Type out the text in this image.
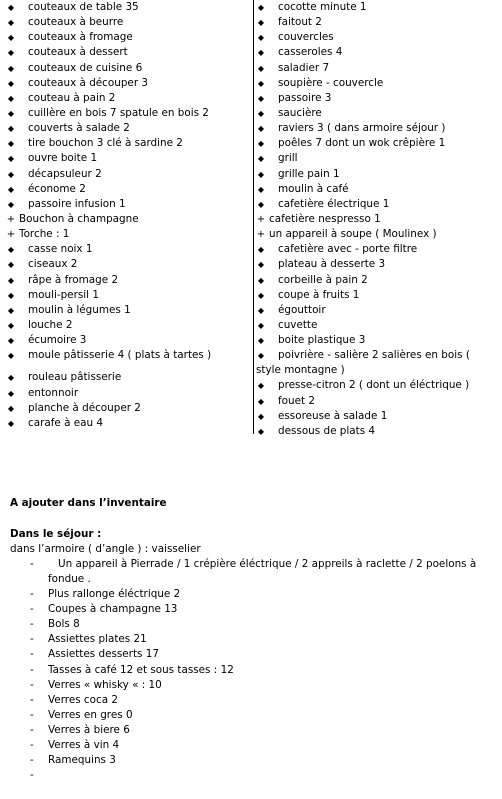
◆ couteaux de table 35
◆ couteaux à beurre
◆ couteaux à fromage
◆ couteaux à dessert
◆ couteaux de cuisine 6
◆ couteaux à découper 3
◆ couteau à pain 2
◆ cuillère en bois 7 spatule en bois 2
◆ couverts à salade 2
◆ tire bouchon 3 clé à sardine 2
◆ ouvre boite 1
◆ décapsuleur 2
◆ économe 2
◆ passoire infusion 1
+ Bouchon à champagne
+ Torche : 1
◆ casse noix 1
◆ ciseaux 2
◆ râpe à fromage 2
◆ mouli-persil 1
◆ moulin à légumes 1
◆ louche 2
◆ écumoire 3
◆ moule pâtisserie 4 ( plats à tartes )
◆ rouleau pâtisserie
◆ entonnoir
◆ planche à découper 2
◆ carafe à eau 4
◆ cocotte minute 1
◆ faitout 2
◆ couvercles
◆ casseroles 4
◆ saladier 7
◆ soupière - couvercle
◆ passoire 3
◆ saucière
◆ raviers 3 ( dans armoire séjour )
◆ poêles 7 dont un wok crêpière 1
◆ grill
◆ grille pain 1
◆ moulin à café
◆ cafetière électrique 1
+ cafetière nespresso 1
+ un appareil à soupe ( Moulinex )
◆ cafetière avec - porte filtre
◆ plateau à desserte 3
◆ corbeille à pain 2
◆ coupe à fruits 1
◆ égouttoir
◆ cuvette
◆ boite plastique 3
◆ poivrière - salière 2 salières en bois (
style montagne )
◆ presse-citron 2 ( dont un éléctrique )
◆ fouet 2
◆ essoreuse à salade 1
◆ dessous de plats 4
A ajouter dans l’inventaire
Dans le séjour :
dans l’armoire ( d’angle ) : vaisselier
- Un appareil à Pierrade / 1 crépière éléctrique / 2 appreils à raclette / 2 poelons à
fondue .
- Plus rallonge éléctrique 2
- Coupes à champagne 13
- Bols 8
- Assiettes plates 21
- Assiettes desserts 17
- Tasses à café 12 et sous tasses : 12
- Verres « whisky « : 10
- Verres coca 2
- Verres en gres 0
- Verres à biere 6
- Verres à vin 4
- Ramequins 3
-
